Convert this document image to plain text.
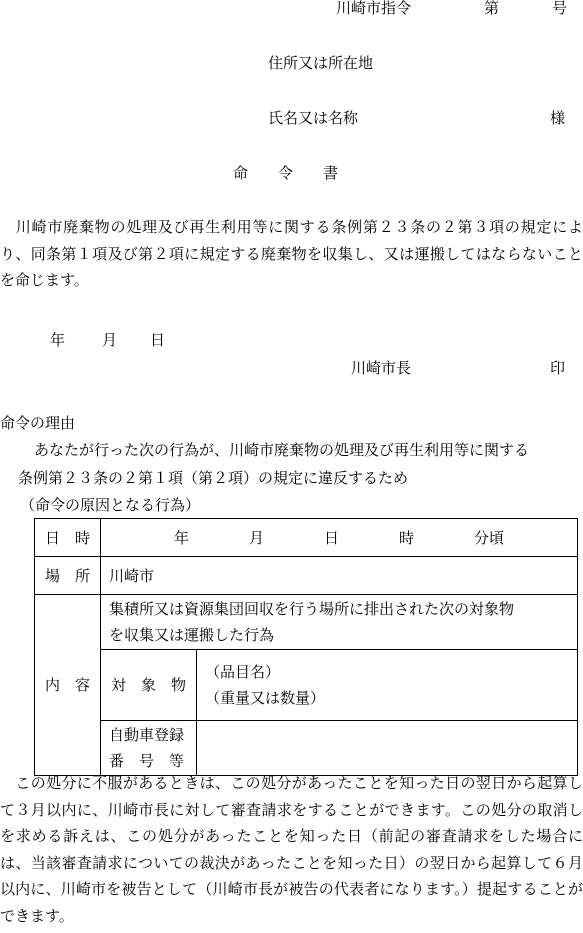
川崎市指令	第	号
住所又は所在地
氏名又は名称	様
命　　令　　書
　川崎市廃棄物の処理及び再生利用等に関する条例第２３条の２第３項の規定により、同条第１項及び第２項に規定する廃棄物を収集し、又は運搬してはならないことを命じます。
年 月 日
川崎市長	印
命令の理由
あなたが行った次の行為が、川崎市廃棄物の処理及び再生利用等に関する
条例第２３条の２第１項（第２項）の規定に違反するため
（命令の原因となる行為）
日　時	年　　　　月　　　　日　　　　時　　　　分頃	
場　所	川崎市	
内　容	集積所又は資源集団回収を行う場所に排出された次の対象物
を収集又は運搬した行為	

	対　象　物	（品目名）
（重量又は数量）

	自動車登録
番　号　等	

　この処分に不服があるときは、この処分があったことを知った日の翌日から起算して３月以内に、川崎市長に対して審査請求をすることができます。この処分の取消しを求める訴えは、この処分があったことを知った日（前記の審査請求をした場合には、当該審査請求についての裁決があったことを知った日）の翌日から起算して６月以内に、川崎市を被告として（川崎市長が被告の代表者になります。）提起することができます。
